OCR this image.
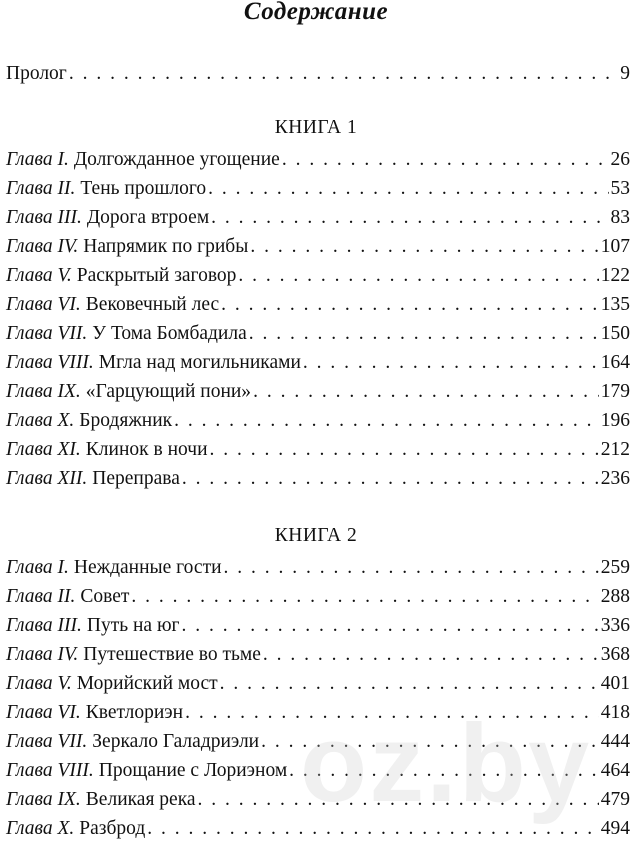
Содержание
Пролог . . .	9
КНИГА 1
Глава I. Долгожданное угощение . . .	26
Глава II. Тень прошлого . . .	53
Глава III. Дорога втроем . . .	83
Глава IV. Напрямик по грибы . . .	107
Глава V. Раскрытый заговор . . .	122
Глава VI. Вековечный лес . . .	135
Глава VII. У Тома Бомбадила . . .	150
Глава VIII. Мгла над могильниками . . .	164
Глава IX. «Гарцующий пони» . . .	179
Глава X. Бродяжник . . .	196
Глава XI. Клинок в ночи . . .	212
Глава XII. Переправа . . .	236
КНИГА 2
Глава I. Нежданные гости . . .	259
Глава II. Совет . . .	288
Глава III. Путь на юг . . .	336
Глава IV. Путешествие во тьме . . .	368
Глава V. Морийский мост . . .	401
Глава VI. Кветлориэн . . .	418
Глава VII. Зеркало Галадриэли . . .	444
Глава VIII. Прощание с Лориэном . . .	464
Глава IX. Великая река . . .	479
Глава X. Разброд . . .	494
oz.by
